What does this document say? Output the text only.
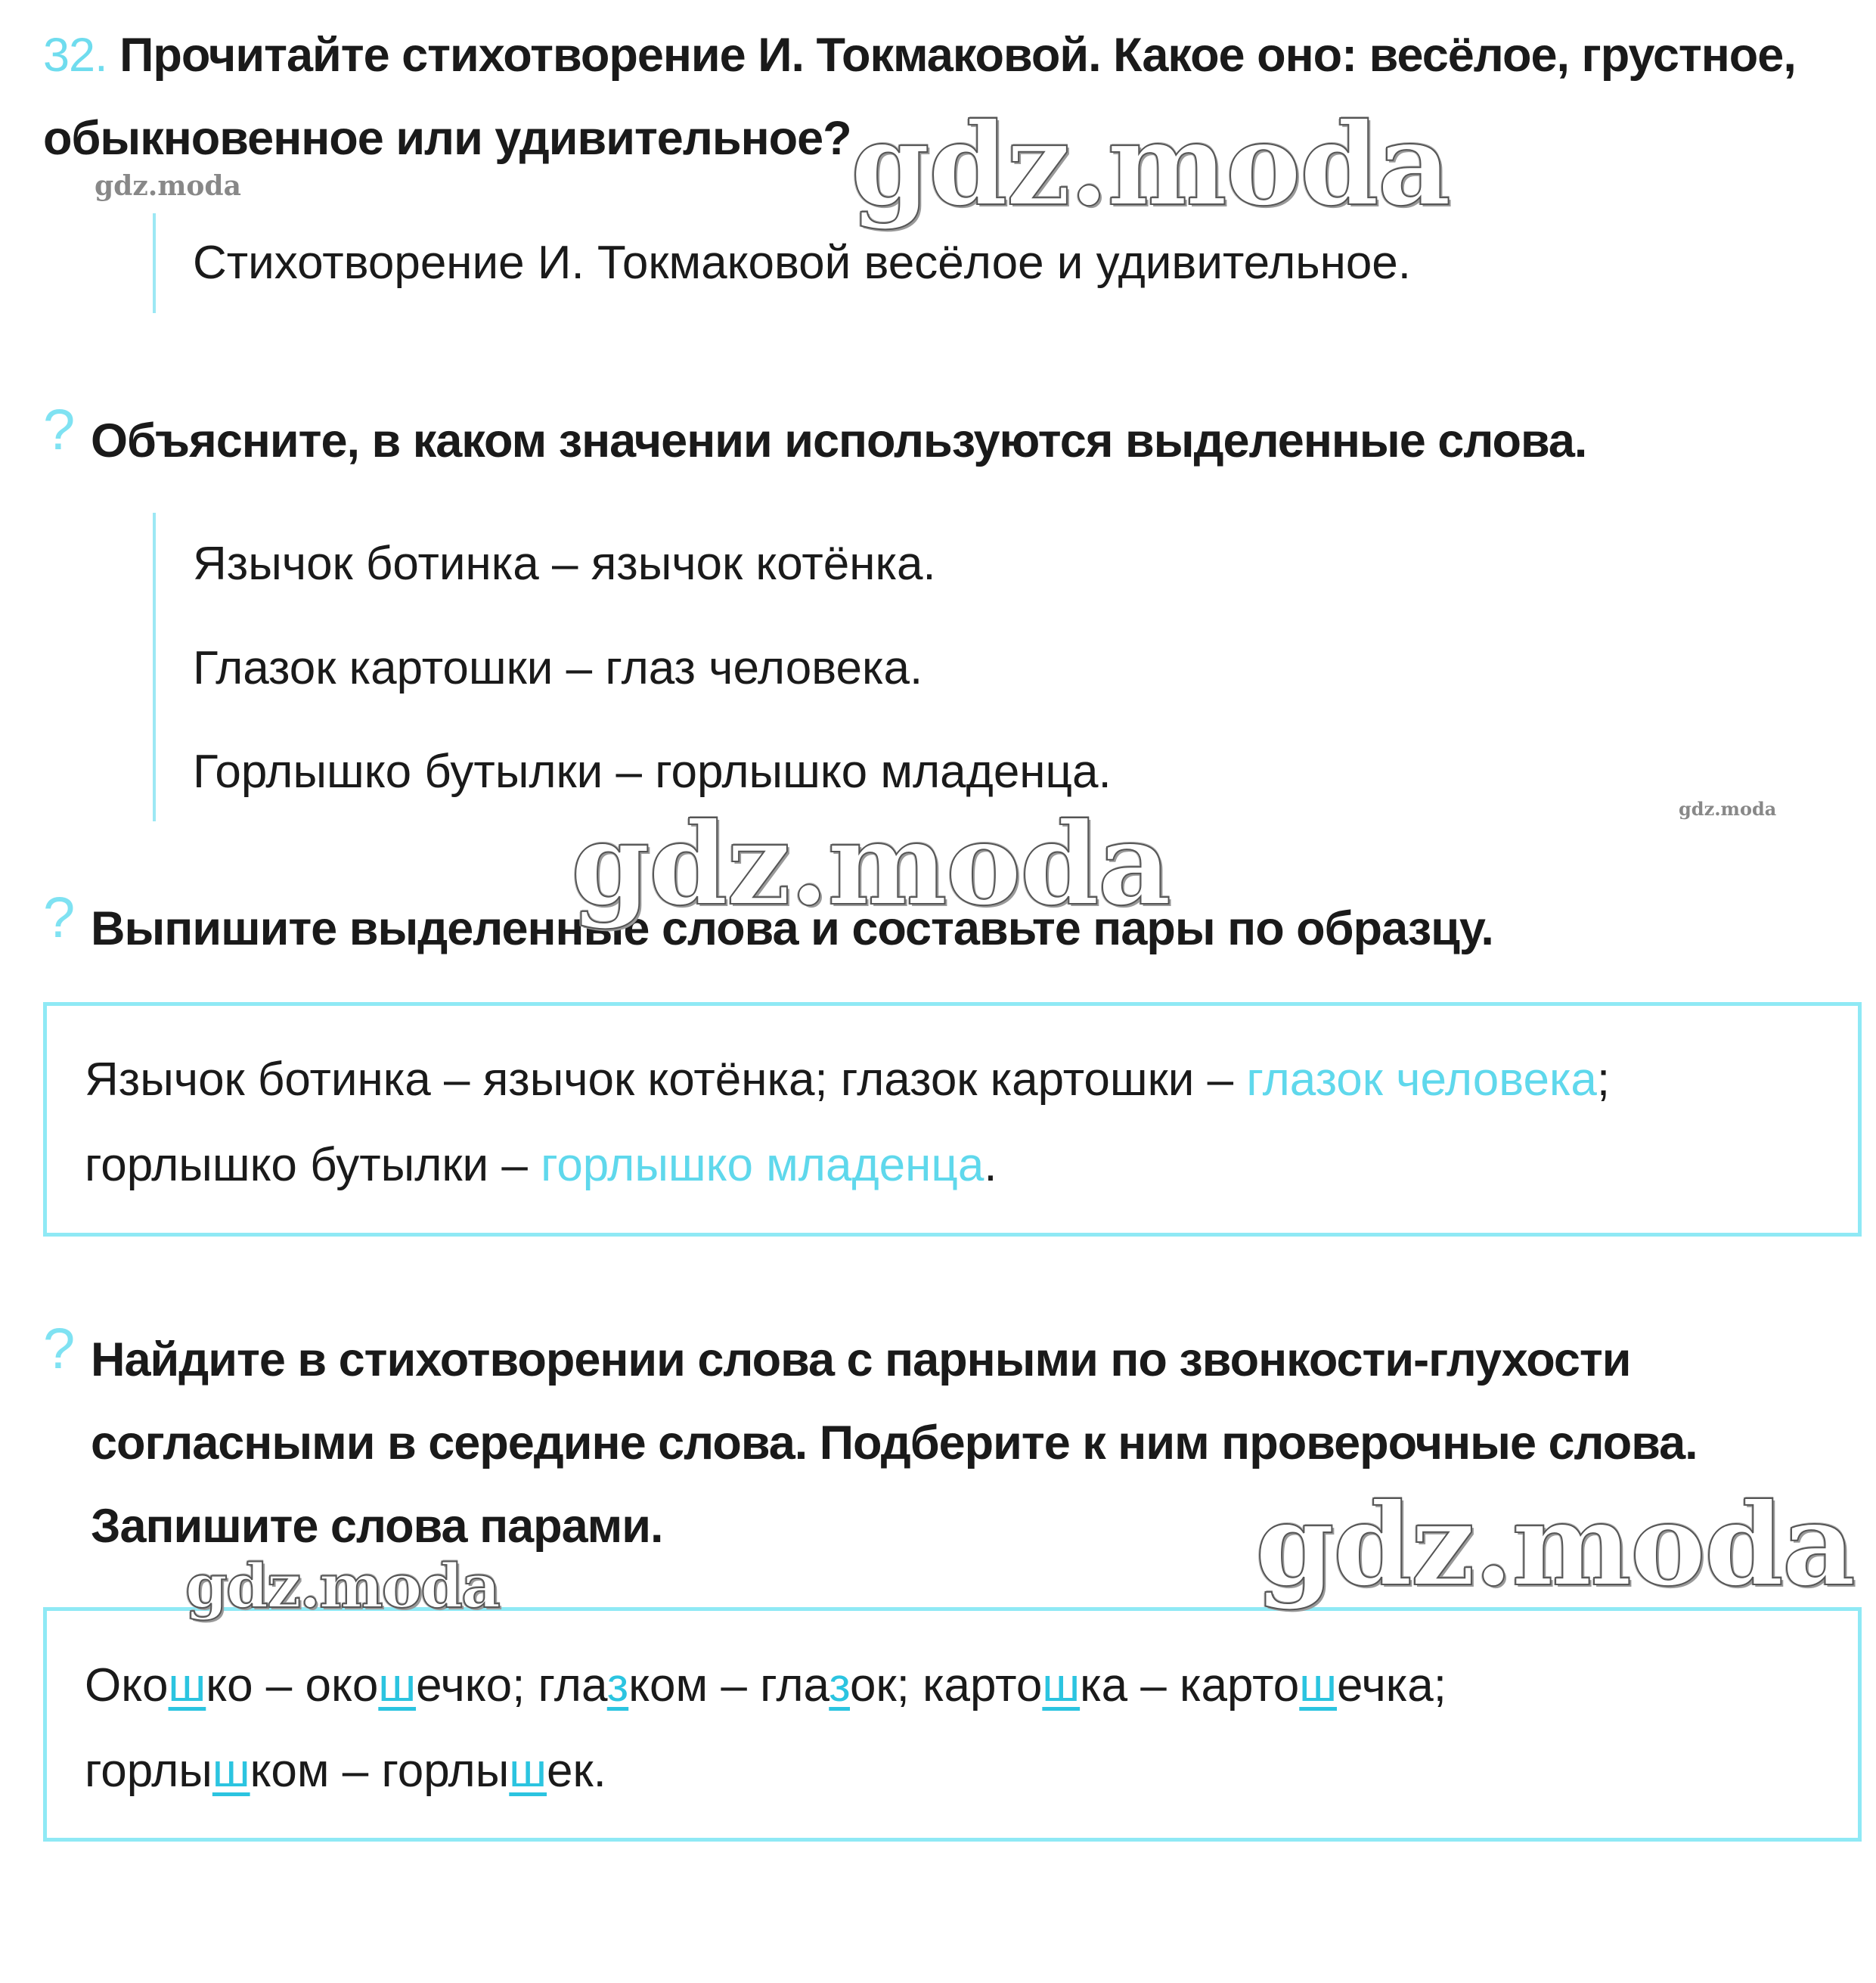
32. Прочитайте стихотворение И. Токмаковой. Какое оно: весёлое, грустное,
обыкновенное или удивительное?
Стихотворение И. Токмаковой весёлое и удивительное.
? Объясните, в каком значении используются выделенные слова.
Язычок ботинка – язычок котёнка.
Глазок картошки – глаз человека.
Горлышко бутылки – горлышко младенца.
? Выпишите выделенные слова и составьте пары по образцу.
Язычок ботинка – язычок котёнка; глазок картошки – глазок человека;
горлышко бутылки – горлышко младенца.
? Найдите в стихотворении слова с парными по звонкости-глухости
согласными в середине слова. Подберите к ним проверочные слова.
Запишите слова парами.
Окошко – окошечко; глазком – глазок; картошка – картошечка;
горлышком – горлышек.
gdz.moda
gdz.moda
gdz.moda	gdz.moda
gdz.moda
gdz.moda
